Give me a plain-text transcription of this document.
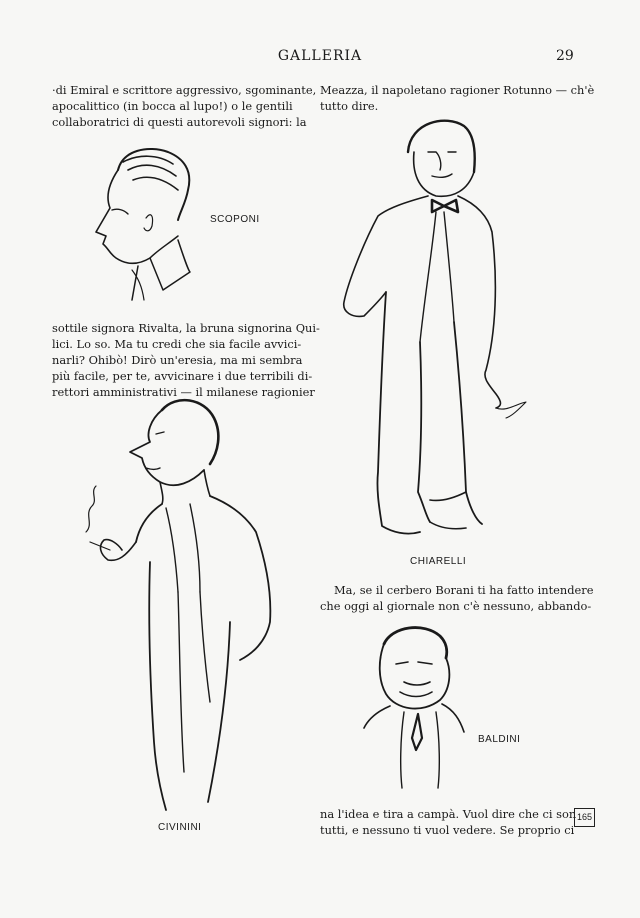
GALLERIA	29
·di Emiral e scrittore aggressivo, sgominante,
apocalittico (in bocca al lupo!) o le gentili
collaboratrici di questi autorevoli signori: la
Meazza, il napoletano ragioner Rotunno — ch'è
tutto dire.
SCOPONI
sottile signora Rivalta, la bruna signorina Qui-
lici. Lo so. Ma tu credi che sia facile avvici-
narli? Ohibò! Dirò un'eresia, ma mi sembra
più facile, per te, avvicinare i due terribili di-
rettori amministrativi — il milanese ragionier
CIVININI
CHIARELLI
Ma, se il cerbero Borani ti ha fatto intendere
che oggi al giornale non c'è nessuno, abbando-
BALDINI
na l'idea e tira a campà. Vuol dire che ci son
tutti, e nessuno ti vuol vedere. Se proprio ci
165
